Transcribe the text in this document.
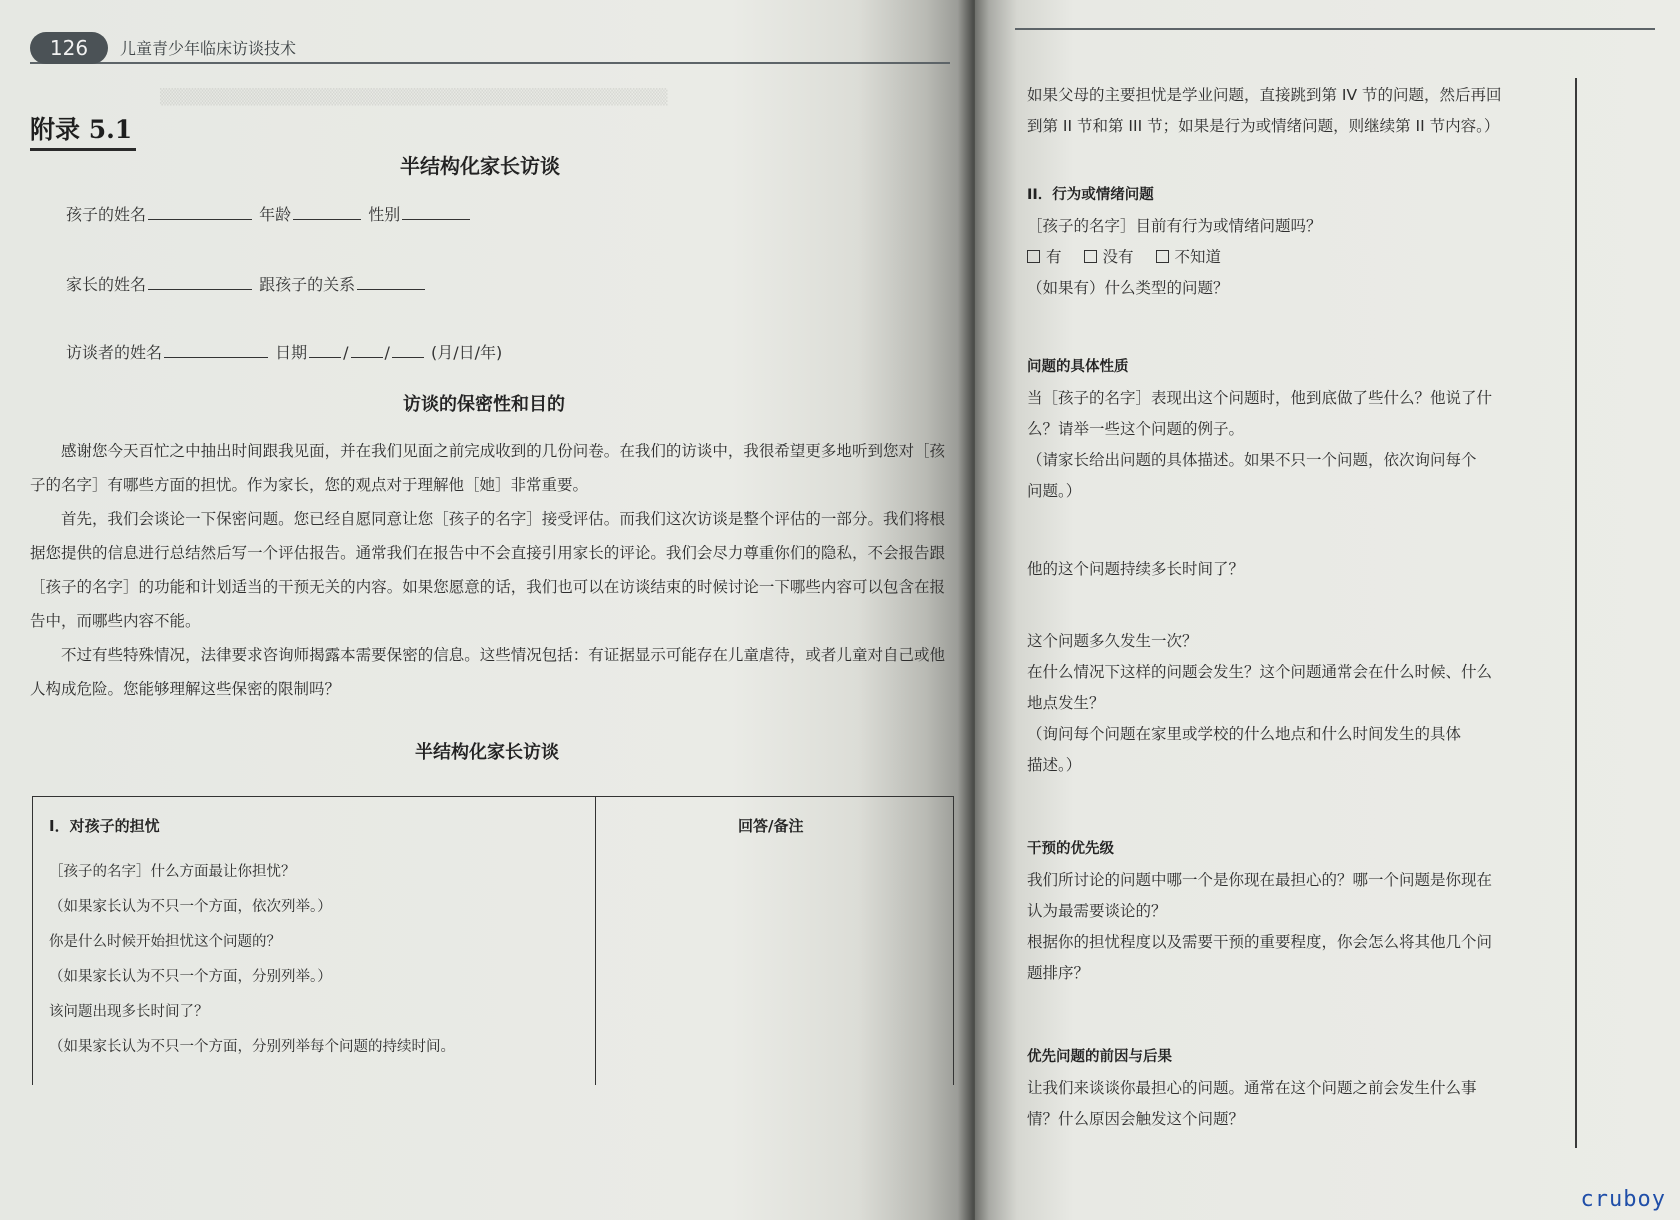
126	儿童青少年临床访谈技术
▒▒▒▒▒▒▒▒▒▒▒▒▒▒▒▒▒▒▒▒▒▒▒▒▒▒▒▒▒▒▒▒▒▒▒▒▒▒▒▒▒▒▒▒
附录 5.1
半结构化家长访谈
孩子的姓名	年龄	性别
家长的姓名	跟孩子的关系
访谈者的姓名	日期 / /	(月/日/年)
访谈的保密性和目的

感谢您今天百忙之中抽出时间跟我见面，并在我们见面之前完成收到的几份问卷。在我们的访谈中，我很希望更多地听到您对［孩子的名字］有哪些方面的担忧。作为家长，您的观点对于理解他［她］非常重要。

首先，我们会谈论一下保密问题。您已经自愿同意让您［孩子的名字］接受评估。而我们这次访谈是整个评估的一部分。我们将根据您提供的信息进行总结然后写一个评估报告。通常我们在报告中不会直接引用家长的评论。我们会尽力尊重你们的隐私，不会报告跟［孩子的名字］的功能和计划适当的干预无关的内容。如果您愿意的话，我们也可以在访谈结束的时候讨论一下哪些内容可以包含在报告中，而哪些内容不能。

不过有些特殊情况，法律要求咨询师揭露本需要保密的信息。这些情况包括：有证据显示可能存在儿童虐待，或者儿童对自己或他人构成危险。您能够理解这些保密的限制吗？

半结构化家长访谈
I．对孩子的担忧	回答/备注
［孩子的名字］什么方面最让你担忧？
（如果家长认为不只一个方面，依次列举。）
你是什么时候开始担忧这个问题的？
（如果家长认为不只一个方面，分别列举。）
该问题出现多长时间了？
（如果家长认为不只一个方面，分别列举每个问题的持续时间。
如果父母的主要担忧是学业问题，直接跳到第 IV 节的问题，然后再回
到第 II 节和第 III 节；如果是行为或情绪问题，则继续第 II 节内容。）
II．行为或情绪问题
［孩子的名字］目前有行为或情绪问题吗？
有	没有	不知道
（如果有）什么类型的问题？
问题的具体性质
当［孩子的名字］表现出这个问题时，他到底做了些什么？他说了什
么？请举一些这个问题的例子。
（请家长给出问题的具体描述。如果不只一个问题，依次询问每个
问题。）
他的这个问题持续多长时间了？
这个问题多久发生一次？
在什么情况下这样的问题会发生？这个问题通常会在什么时候、什么
地点发生？
（询问每个问题在家里或学校的什么地点和什么时间发生的具体
描述。）
干预的优先级
我们所讨论的问题中哪一个是你现在最担心的？哪一个问题是你现在
认为最需要谈论的？
根据你的担忧程度以及需要干预的重要程度，你会怎么将其他几个问
题排序？
优先问题的前因与后果
让我们来谈谈你最担心的问题。通常在这个问题之前会发生什么事
情？什么原因会触发这个问题？
cruboy
